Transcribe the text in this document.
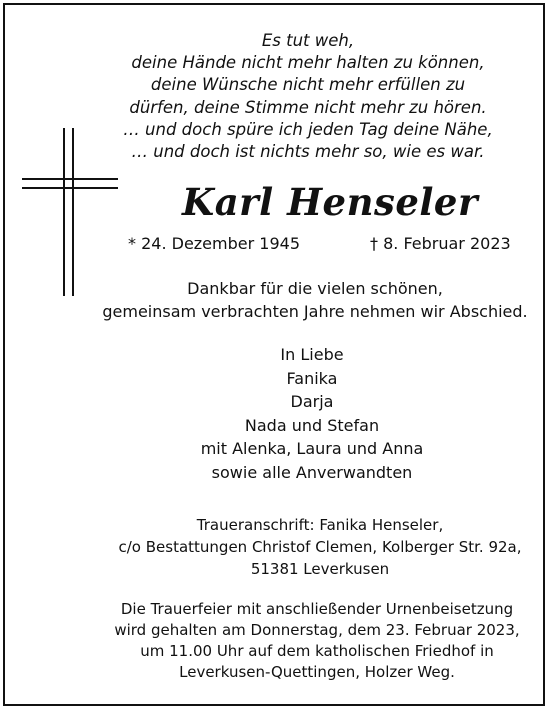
Es tut weh,
deine Hände nicht mehr halten zu können,
deine Wünsche nicht mehr erfüllen zu
dürfen, deine Stimme nicht mehr zu hören.
… und doch spüre ich jeden Tag deine Nähe,
… und doch ist nichts mehr so, wie es war.
Karl Henseler
* 24. Dezember 1945	† 8. Februar 2023
Dankbar für die vielen schönen,
gemeinsam verbrachten Jahre nehmen wir Abschied.
In Liebe
Fanika
Darja
Nada und Stefan
mit Alenka, Laura und Anna
sowie alle Anverwandten
Traueranschrift: Fanika Henseler,
c/o Bestattungen Christof Clemen, Kolberger Str. 92a,
51381 Leverkusen
Die Trauerfeier mit anschließender Urnenbeisetzung
wird gehalten am Donnerstag, dem 23. Februar 2023,
um 11.00 Uhr auf dem katholischen Friedhof in
Leverkusen-Quettingen, Holzer Weg.
